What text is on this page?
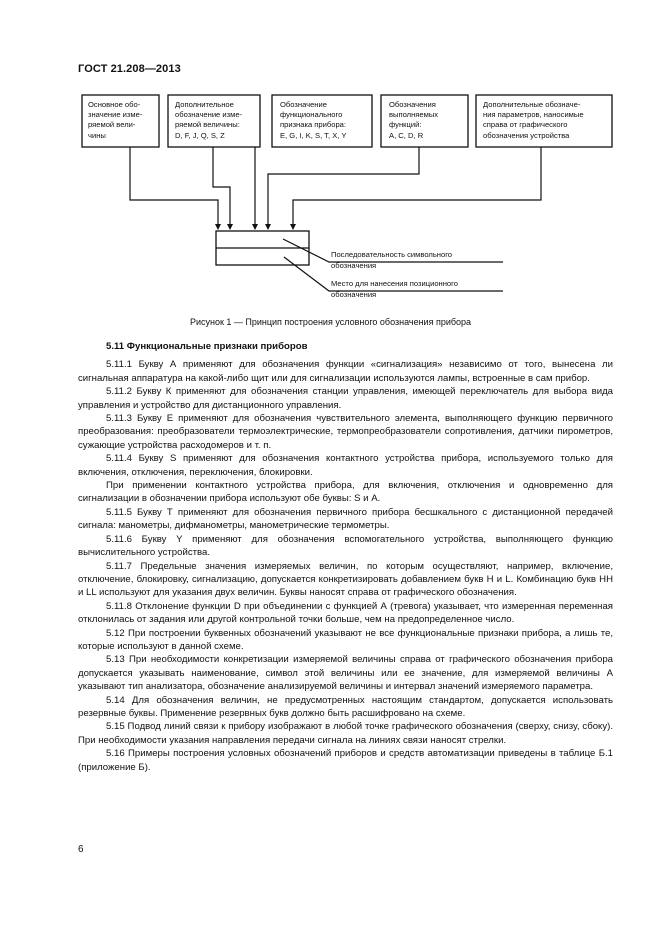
ГОСТ 21.208—2013
Основное обо-
значение изме-
ряемой вели-
чины
Дополнительное
обозначение изме-
ряемой величины:
D, F, J, Q, S, Z
Обозначение
функционального
признака прибора:
E, G, I, K, S, T, X, Y
Обозначения
выполняемых
функций:
A, C, D, R
Дополнительные обозначе-
ния параметров, наносимые
справа от графического
обозначения устройства
Последовательность символьного
обозначения
Место для нанесения позиционного
обозначения
Рисунок 1 — Принцип построения условного обозначения прибора
5.11 Функциональные признаки приборов

5.11.1 Букву А применяют для обозначения функции «сигнализация» независимо от того, вынесена ли сигнальная аппаратура на какой-либо щит или для сигнализации используются лампы, встроенные в сам прибор.

5.11.2 Букву К применяют для обозначения станции управления, имеющей переключатель для выбора вида управления и устройство для дистанционного управления.

5.11.3 Букву Е применяют для обозначения чувствительного элемента, выполняющего функцию первичного преобразования: преобразователи термоэлектрические, термопреобразователи сопротивления, датчики пирометров, сужающие устройства расходомеров и т. п.

5.11.4 Букву S применяют для обозначения контактного устройства прибора, используемого только для включения, отключения, переключения, блокировки.

При применении контактного устройства прибора, для включения, отключения и одновременно для сигнализации в обозначении прибора используют обе буквы: S и А.

5.11.5 Букву Т применяют для обозначения первичного прибора бесшкального с дистанционной передачей сигнала: манометры, дифманометры, манометрические термометры.

5.11.6 Букву Y применяют для обозначения вспомогательного устройства, выполняющего функцию вычислительного устройства.

5.11.7 Предельные значения измеряемых величин, по которым осуществляют, например, включение, отключение, блокировку, сигнализацию, допускается конкретизировать добавлением букв Н и L. Комбинацию букв НН и LL используют для указания двух величин. Буквы наносят справа от графического обозначения.

5.11.8 Отклонение функции D при объединении с функцией А (тревога) указывает, что измеренная переменная отклонилась от задания или другой контрольной точки больше, чем на предопределенное число.

5.12 При построении буквенных обозначений указывают не все функциональные признаки прибора, а лишь те, которые используют в данной схеме.

5.13 При необходимости конкретизации измеряемой величины справа от графического обозначения прибора допускается указывать наименование, символ этой величины или ее значение, для измеряемой величины А указывают тип анализатора, обозначение анализируемой величины и интервал значений измеряемого параметра.

5.14 Для обозначения величин, не предусмотренных настоящим стандартом, допускается использовать резервные буквы. Применение резервных букв должно быть расшифровано на схеме.

5.15 Подвод линий связи к прибору изображают в любой точке графического обозначения (сверху, снизу, сбоку). При необходимости указания направления передачи сигнала на линиях связи наносят стрелки.

5.16 Примеры построения условных обозначений приборов и средств автоматизации приведены в таблице Б.1 (приложение Б).

6
